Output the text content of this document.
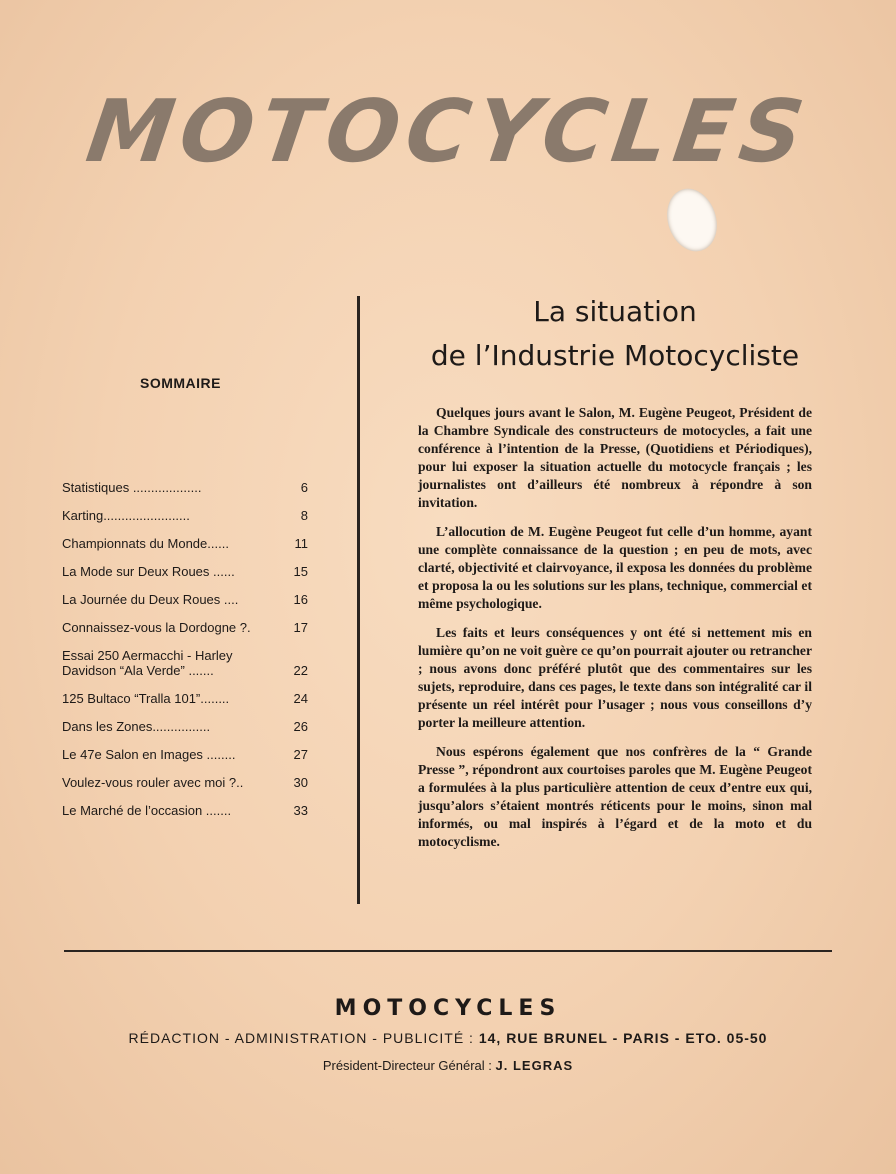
MOTOCYCLES
SOMMAIRE
Statistiques ...................	6
Karting........................	8
Championnats du Monde......	11
La Mode sur Deux Roues ......	15
La Journée du Deux Roues ....	16
Connaissez-vous la Dordogne ?.	17
Essai 250 Aermacchi - Harley Davidson “Ala Verde” .......	22
125 Bultaco “Tralla 101”........	24
Dans les Zones................	26
Le 47e Salon en Images ........	27
Voulez-vous rouler avec moi ?..	30
Le Marché de l’occasion .......	33
La situation
de l’Industrie Motocycliste

Quelques jours avant le Salon, M. Eugène Peugeot, Président de la Chambre Syndicale des constructeurs de motocycles, a fait une conférence à l’intention de la Presse, (Quotidiens et Périodiques), pour lui exposer la situation actuelle du motocycle français ; les journalistes ont d’ailleurs été nombreux à répondre à son invitation.

L’allocution de M. Eugène Peugeot fut celle d’un homme, ayant une complète connaissance de la question ; en peu de mots, avec clarté, objectivité et clairvoyance, il exposa les données du problème et proposa la ou les solutions sur les plans, technique, commercial et même psychologique.

Les faits et leurs conséquences y ont été si nettement mis en lumière qu’on ne voit guère ce qu’on pourrait ajouter ou retrancher ; nous avons donc préféré plutôt que des commentaires sur les sujets, reproduire, dans ces pages, le texte dans son intégralité car il présente un réel intérêt pour l’usager ; nous vous conseillons d’y porter la meilleure attention.

Nous espérons également que nos confrères de la “ Grande Presse ”, répondront aux courtoises paroles que M. Eugène Peugeot a formulées à la plus particulière attention de ceux d’entre eux qui, jusqu’alors s’étaient montrés réticents pour le moins, sinon mal informés, ou mal inspirés à l’égard et de la moto et du motocyclisme.

MOTOCYCLES
RÉDACTION - ADMINISTRATION - PUBLICITÉ : 14, RUE BRUNEL - PARIS - ETO. 05-50
Président-Directeur Général : J. LEGRAS
